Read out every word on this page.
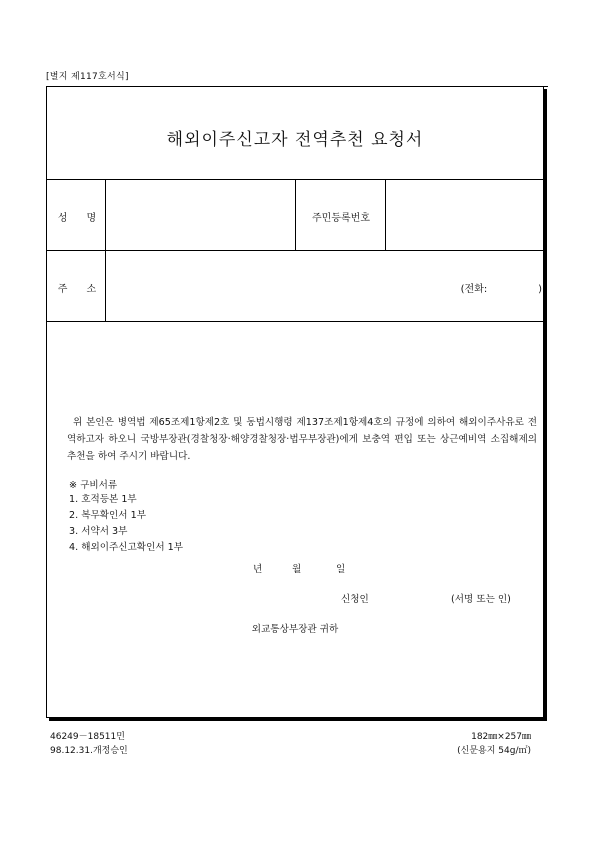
[별지 제117호서식]
해외이주신고자 전역추천 요청서
성      명	주민등록번호
주      소	(전화:                )
위 본인은 병역법 제65조제1항제2호 및 동법시행령 제137조제1항제4호의 규정에 의하여 해외이주사유로 전역하고자 하오니 국방부장관(경찰청장·해양경찰청장·법무부장관)에게 보충역 편입 또는 상근예비역 소집해제의 추천을 하여 주시기 바랍니다.
※ 구비서류
1. 호적등본 1부
2. 복무확인서 1부
3. 서약서 3부
4. 해외이주신고확인서 1부
년	월	일
신청인	(서명 또는 인)
외교통상부장관 귀하
46249－18511민
98.12.31.개정승인
182㎜×257㎜
(신문용지 54g/㎡)
